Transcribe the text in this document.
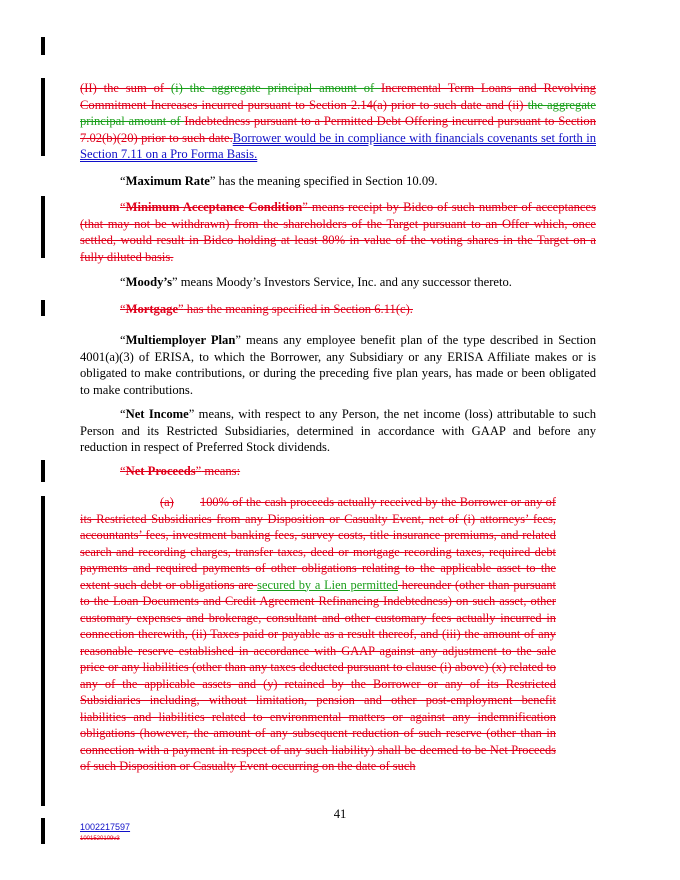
(II) the sum of (i) the aggregate principal amount of Incremental Term Loans and Revolving Commitment Increases incurred pursuant to Section 2.14(a) prior to such date and (ii) the aggregate principal amount of Indebtedness pursuant to a Permitted Debt Offering incurred pursuant to Section 7.02(b)(20) prior to such date.Borrower would be in compliance with financials covenants set forth in Section 7.11 on a Pro Forma Basis.

“Maximum Rate” has the meaning specified in Section 10.09.

“Minimum Acceptance Condition” means receipt by Bidco of such number of acceptances (that may not be withdrawn) from the shareholders of the Target pursuant to an Offer which, once settled, would result in Bidco holding at least 80% in value of the voting shares in the Target on a fully diluted basis.

“Moody’s” means Moody’s Investors Service, Inc. and any successor thereto.

“Mortgage” has the meaning specified in Section 6.11(c).

“Multiemployer Plan” means any employee benefit plan of the type described in Section 4001(a)(3) of ERISA, to which the Borrower, any Subsidiary or any ERISA Affiliate makes or is obligated to make contributions, or during the preceding five plan years, has made or been obligated to make contributions.

“Net Income” means, with respect to any Person, the net income (loss) attributable to such Person and its Restricted Subsidiaries, determined in accordance with GAAP and before any reduction in respect of Preferred Stock dividends.

“Net Proceeds” means:

(a) 100% of the cash proceeds actually received by the Borrower or any of its Restricted Subsidiaries from any Disposition or Casualty Event, net of (i) attorneys’ fees, accountants’ fees, investment banking fees, survey costs, title insurance premiums, and related search and recording charges, transfer taxes, deed or mortgage recording taxes, required debt payments and required payments of other obligations relating to the applicable asset to the extent such debt or obligations are secured by a Lien permitted hereunder (other than pursuant to the Loan Documents and Credit Agreement Refinancing Indebtedness) on such asset, other customary expenses and brokerage, consultant and other customary fees actually incurred in connection therewith, (ii) Taxes paid or payable as a result thereof, and (iii) the amount of any reasonable reserve established in accordance with GAAP against any adjustment to the sale price or any liabilities (other than any taxes deducted pursuant to clause (i) above) (x) related to any of the applicable assets and (y) retained by the Borrower or any of its Restricted Subsidiaries including, without limitation, pension and other post-employment benefit liabilities and liabilities related to environmental matters or against any indemnification obligations (however, the amount of any subsequent reduction of such reserve (other than in connection with a payment in respect of any such liability) shall be deemed to be Net Proceeds of such Disposition or Casualty Event occurring on the date of such

41
1002217597
1001520109v3
